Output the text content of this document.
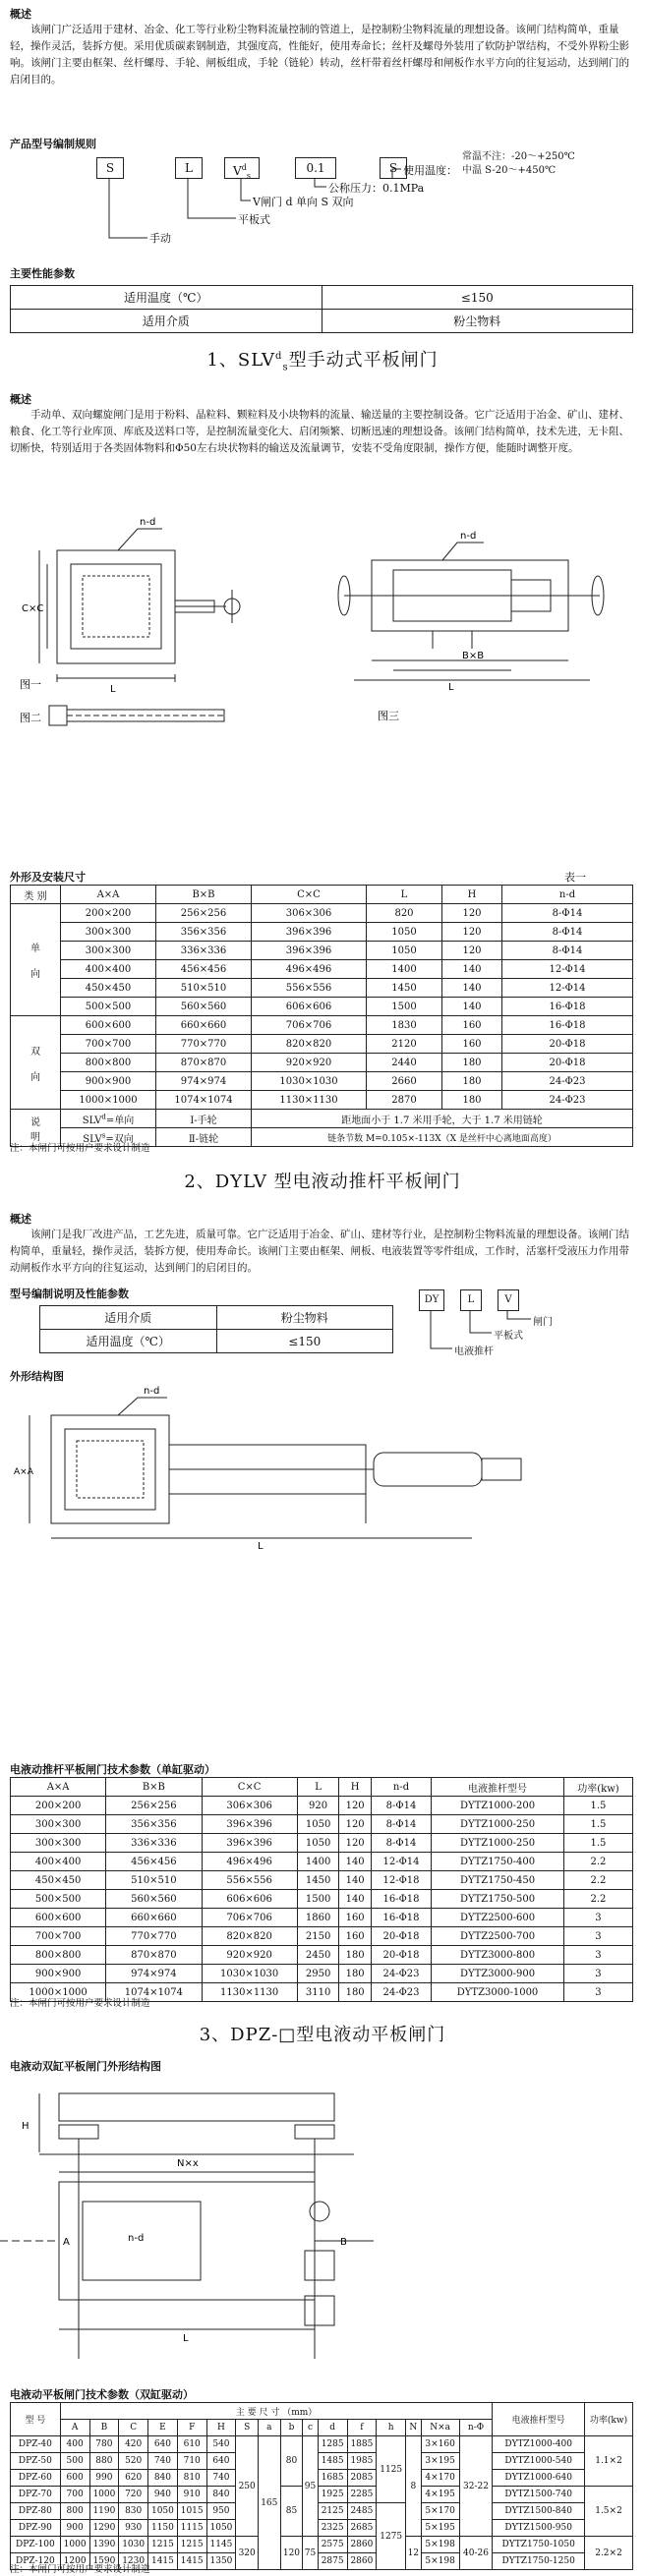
概述

该闸门广泛适用于建材、冶金、化工等行业粉尘物料流量控制的管道上，是控制粉尘物料流量的理想设备。该闸门结构简单，重量轻，操作灵活，装拆方便。采用优质碳素钢制造，其强度高，性能好，使用寿命长；丝杆及螺母外装用了软防护罩结构，不受外界粉尘影响。该闸门主要由框架、丝杆螺母、手轮、闸板组成，手轮（链轮）转动，丝杆带着丝杆螺母和闸板作水平方向的往复运动，达到闸门的启闭目的。

产品型号编制规则
S	L	$V^d_s$
0.1	S
手动
平板式
V闸门 d 单向 S 双向
公称压力：0.1MPa
使用温度：
常温不注：-20～+250℃
中温 S-20～+450℃
主要性能参数
适用温度（℃）	≤150
适用介质	粉尘物料
1、$SLV^d_s$型手动式平板闸门
概述

手动单、双向螺旋闸门是用于粉料、晶粒料、颗粒料及小块物料的流量、输送量的主要控制设备。它广泛适用于冶金、矿山、建材、粮食、化工等行业库顶、库底及送料口等，是控制流量变化大、启闭频繁、切断迅速的理想设备。该闸门结构简单，技术先进，无卡阻、切断快，特别适用于各类固体物料和Φ50左右块状物料的输送及流量调节，安装不受角度限制，操作方便，能随时调整开度。

C×C
L
n-d
图一
图二
n-d
B×B
L
图三
外形及安装尺寸	表一
类 别	A×A	B×B	C×C	L	H	n-d
单

向	200×200	256×256	306×306	820	120	8-Φ14
	300×300	356×356	396×396	1050	120	8-Φ14
	300×300	336×336	396×396	1050	120	8-Φ14
	400×400	456×456	496×496	1400	140	12-Φ14
	450×450	510×510	556×556	1450	140	12-Φ14
	500×500	560×560	606×606	1500	140	16-Φ18
双

向	600×600	660×660	706×706	1830	160	16-Φ18
	700×700	770×770	820×820	2120	160	20-Φ18
	800×800	870×870	920×920	2440	180	20-Φ18
	900×900	974×974	1030×1030	2660	180	24-Φ23
	1000×1000	1074×1074	1130×1130	2870	180	24-Φ23
说
明	$SLV^d=$单向	Ⅰ-手轮	距地面小于 1.7 米用手轮，大于 1.7 米用链轮			
	$SLV^s=$双向	Ⅱ-链轮	链条节数 M=0.105×-113X（X 是丝杆中心离地面高度）			
注：本闸门可按用户要求设计制造
2、DYLV 型电液动推杆平板闸门
概述

该闸门是我厂改进产品，工艺先进，质量可靠。它广泛适用于冶金、矿山、建材等行业，是控制粉尘物料流量的理想设备。该闸门结构简单，重量轻，操作灵活，装拆方便，使用寿命长。该闸门主要由框架、闸板、电液装置等零件组成，工作时，活塞杆受液压力作用带动闸板作水平方向的往复运动，达到闸门的启闭目的。

型号编制说明及性能参数
适用介质	粉尘物料
适用温度（℃）	≤150
DY	L	V
闸门
平板式
电液推杆
外形结构图
n-d
L
A×A
电液动推杆平板闸门技术参数（单缸驱动）
A×A	B×B	C×C	L	H	n-d	电液推杆型号	功率(kw)
200×200	256×256	306×306	920	120	8-Φ14	DYTZ1000-200	1.5
300×300	356×356	396×396	1050	120	8-Φ14	DYTZ1000-250	1.5
300×300	336×336	396×396	1050	120	8-Φ14	DYTZ1000-250	1.5
400×400	456×456	496×496	1400	140	12-Φ14	DYTZ1750-400	2.2
450×450	510×510	556×556	1450	140	12-Φ18	DYTZ1750-450	2.2
500×500	560×560	606×606	1500	140	16-Φ18	DYTZ1750-500	2.2
600×600	660×660	706×706	1860	160	16-Φ18	DYTZ2500-600	3
700×700	770×770	820×820	2150	160	20-Φ18	DYTZ2500-700	3
800×800	870×870	920×920	2450	180	20-Φ18	DYTZ3000-800	3
900×900	974×974	1030×1030	2950	180	24-Φ23	DYTZ3000-900	3
1000×1000	1074×1074	1130×1130	3110	180	24-Φ23	DYTZ3000-1000	3
注：本闸门可按用户要求设计制造
3、DPZ-□型电液动平板闸门
电液动双缸平板闸门外形结构图
H
N×x
n-d
A	B
L
电液动平板闸门技术参数（双缸驱动）
型 号	主 要 尺 寸 （mm）																电液推杆型号	功率(kw)
	A	B	C	E	F	H	S	a	b	c	d	f	h	N	N×a	n-Φ		
DPZ-40	400	780	420	640	610	540	250	165	80	95	1285	1885	1125	8	3×160	32-22	DYTZ1000-400	1.1×2
DPZ-50	500	880	520	740	710	640					1485	1985			3×195		DYTZ1000-540	
DPZ-60	600	990	620	840	810	740					1685	2085			4×170		DYTZ1000-640	
DPZ-70	700	1000	720	940	910	840			85		1925	2285			4×195		DYTZ1500-740	1.5×2
DPZ-80	800	1190	830	1050	1015	950					2125	2485	1275		5×170		DYTZ1500-840	
DPZ-90	900	1290	930	1150	1115	1050					2325	2685			5×195		DYTZ1500-950	
DPZ-100	1000	1390	1030	1215	1215	1145	320		120	75	2575	2860		12	5×198	40-26	DYTZ1750-1050	2.2×2
DPZ-120	1200	1590	1230	1415	1415	1350					2875	2860			5×198		DYTZ1750-1250	
注：本闸门可按用户要求设计制造
